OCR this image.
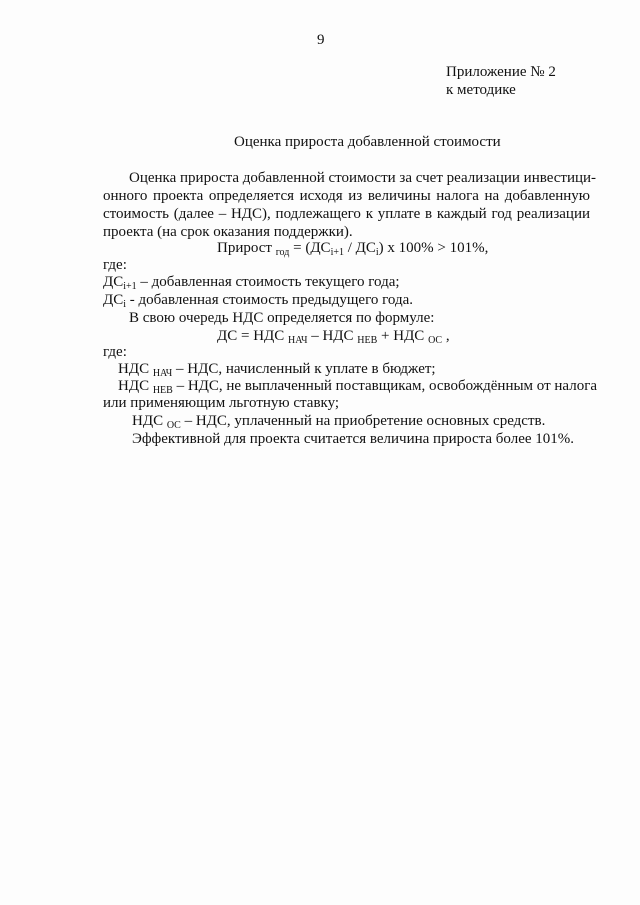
9
Приложение № 2
к методике
Оценка прироста добавленной стоимости
Оценка прироста добавленной стоимости за счет реализации инвестици-
онного проекта определяется исходя из величины налога на добавленную
стоимость (далее – НДС), подлежащего к уплате в каждый год реализации
проекта (на срок оказания поддержки).
Прирост $_{год} = (ДС_{i+1} / ДС_i)$ х 100% > 101%,
где:
$ДС_{i+1}$ – добавленная стоимость текущего года;
$ДС_i$ - добавленная стоимость предыдущего года.
В свою очередь НДС определяется по формуле:
ДС = НДС $_{НАЧ}$ – НДС $_{НЕВ}$ + НДС $_{ОС}$ ,
где:
НДС $_{НАЧ}$ – НДС, начисленный к уплате в бюджет;
НДС $_{НЕВ}$ – НДС, не выплаченный поставщикам, освобождённым от налога
или применяющим льготную ставку;
НДС $_{ОС}$ – НДС, уплаченный на приобретение основных средств.
Эффективной для проекта считается величина прироста более 101%.
